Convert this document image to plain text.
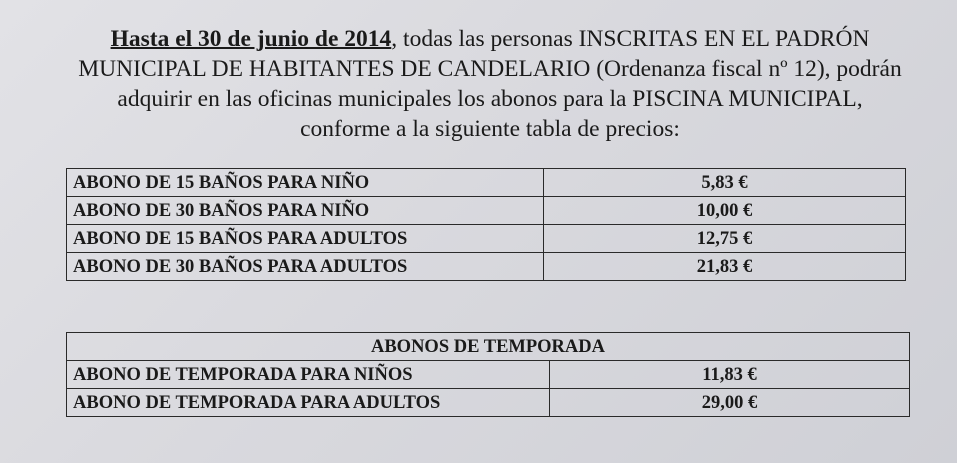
Hasta el 30 de junio de 2014, todas las personas INSCRITAS EN EL PADRÓN MUNICIPAL DE HABITANTES DE CANDELARIO (Ordenanza fiscal nº 12), podrán adquirir en las oficinas municipales los abonos para la PISCINA MUNICIPAL, conforme a la siguiente tabla de precios:
ABONO DE 15 BAÑOS PARA NIÑO	5,83 €
ABONO DE 30 BAÑOS PARA NIÑO	10,00 €
ABONO DE 15 BAÑOS PARA ADULTOS	12,75 €
ABONO DE 30 BAÑOS PARA ADULTOS	21,83 €
ABONOS DE TEMPORADA	
ABONO DE TEMPORADA PARA NIÑOS	11,83 €
ABONO DE TEMPORADA PARA ADULTOS	29,00 €
